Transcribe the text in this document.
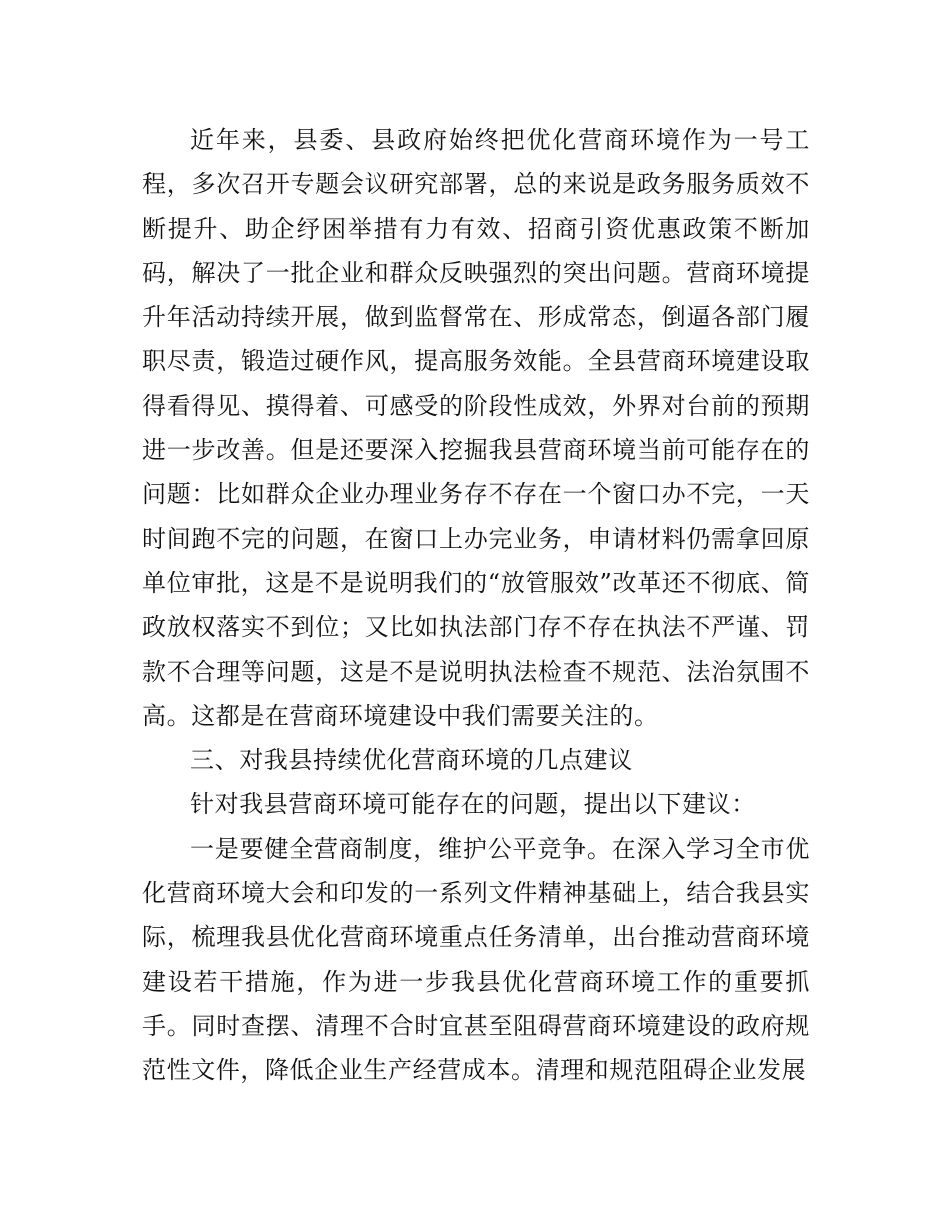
近年来，县委、县政府始终把优化营商环境作为一号工程，多次召开专题会议研究部署，总的来说是政务服务质效不断提升、助企纾困举措有力有效、招商引资优惠政策不断加码，解决了一批企业和群众反映强烈的突出问题。营商环境提升年活动持续开展，做到监督常在、形成常态，倒逼各部门履职尽责，锻造过硬作风，提高服务效能。全县营商环境建设取得看得见、摸得着、可感受的阶段性成效，外界对台前的预期进一步改善。但是还要深入挖掘我县营商环境当前可能存在的问题：比如群众企业办理业务存不存在一个窗口办不完，一天时间跑不完的问题，在窗口上办完业务，申请材料仍需拿回原单位审批，这是不是说明我们的“放管服效”改革还不彻底、简政放权落实不到位；又比如执法部门存不存在执法不严谨、罚款不合理等问题，这是不是说明执法检查不规范、法治氛围不高。这都是在营商环境建设中我们需要关注的。

三、对我县持续优化营商环境的几点建议

针对我县营商环境可能存在的问题，提出以下建议：

一是要健全营商制度，维护公平竞争。在深入学习全市优化营商环境大会和印发的一系列文件精神基础上，结合我县实际，梳理我县优化营商环境重点任务清单，出台推动营商环境建设若干措施，作为进一步我县优化营商环境工作的重要抓手。同时查摆、清理不合时宜甚至阻碍营商环境建设的政府规范性文件，降低企业生产经营成本。清理和规范阻碍企业发展
